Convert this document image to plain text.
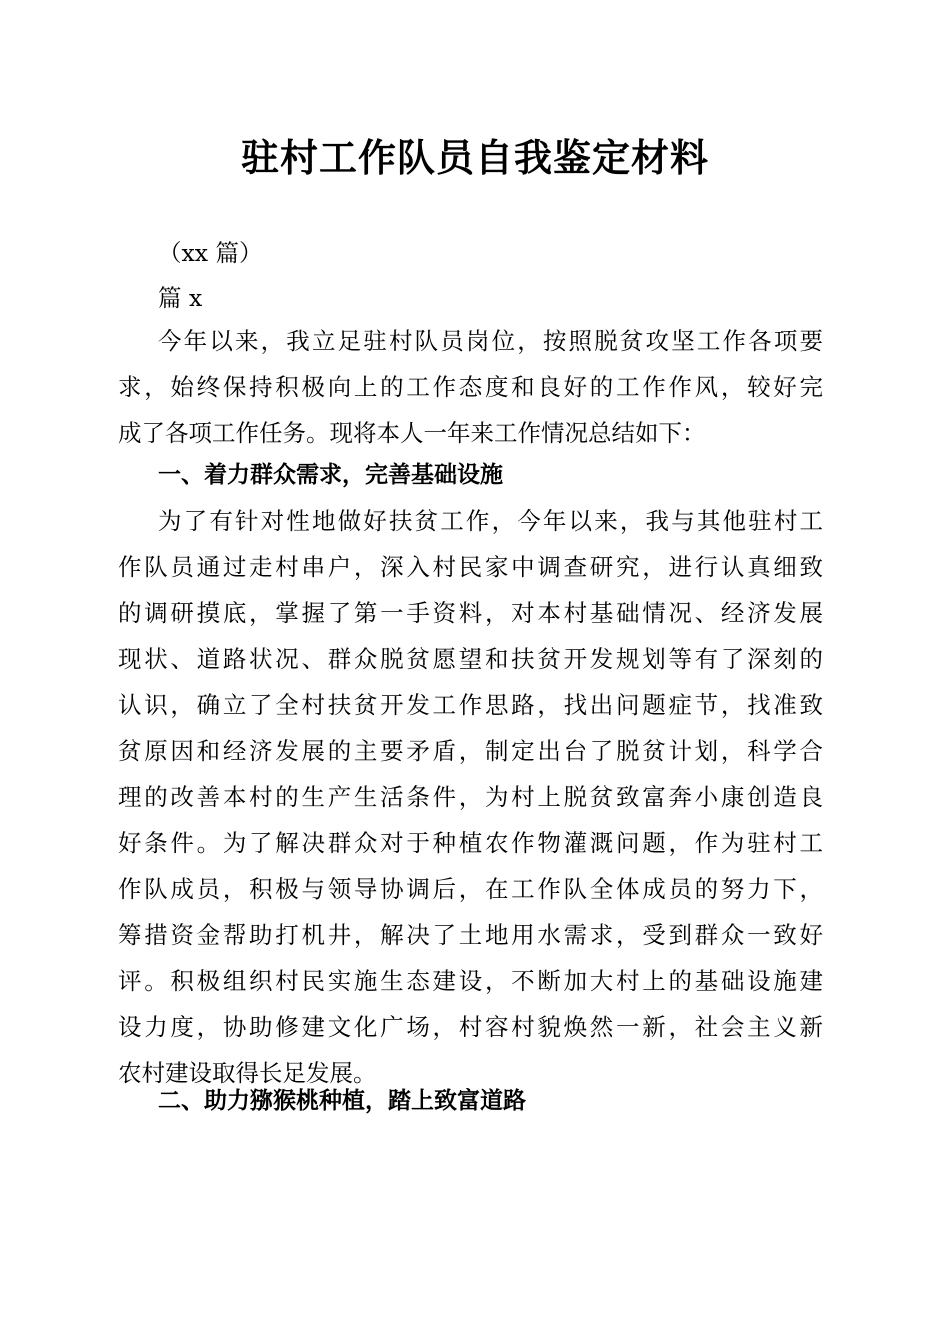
驻村工作队员自我鉴定材料
（xx 篇）
篇 x
今年以来，我立足驻村队员岗位，按照脱贫攻坚工作各项要
求，始终保持积极向上的工作态度和良好的工作作风，较好完
成了各项工作任务。现将本人一年来工作情况总结如下：
一、着力群众需求，完善基础设施
为了有针对性地做好扶贫工作，今年以来，我与其他驻村工
作队员通过走村串户，深入村民家中调查研究，进行认真细致
的调研摸底，掌握了第一手资料，对本村基础情况、经济发展
现状、道路状况、群众脱贫愿望和扶贫开发规划等有了深刻的
认识，确立了全村扶贫开发工作思路，找出问题症节，找准致
贫原因和经济发展的主要矛盾，制定出台了脱贫计划，科学合
理的改善本村的生产生活条件，为村上脱贫致富奔小康创造良
好条件。为了解决群众对于种植农作物灌溉问题，作为驻村工
作队成员，积极与领导协调后，在工作队全体成员的努力下，
筹措资金帮助打机井，解决了土地用水需求，受到群众一致好
评。积极组织村民实施生态建设，不断加大村上的基础设施建
设力度，协助修建文化广场，村容村貌焕然一新，社会主义新
农村建设取得长足发展。
二、助力猕猴桃种植，踏上致富道路
